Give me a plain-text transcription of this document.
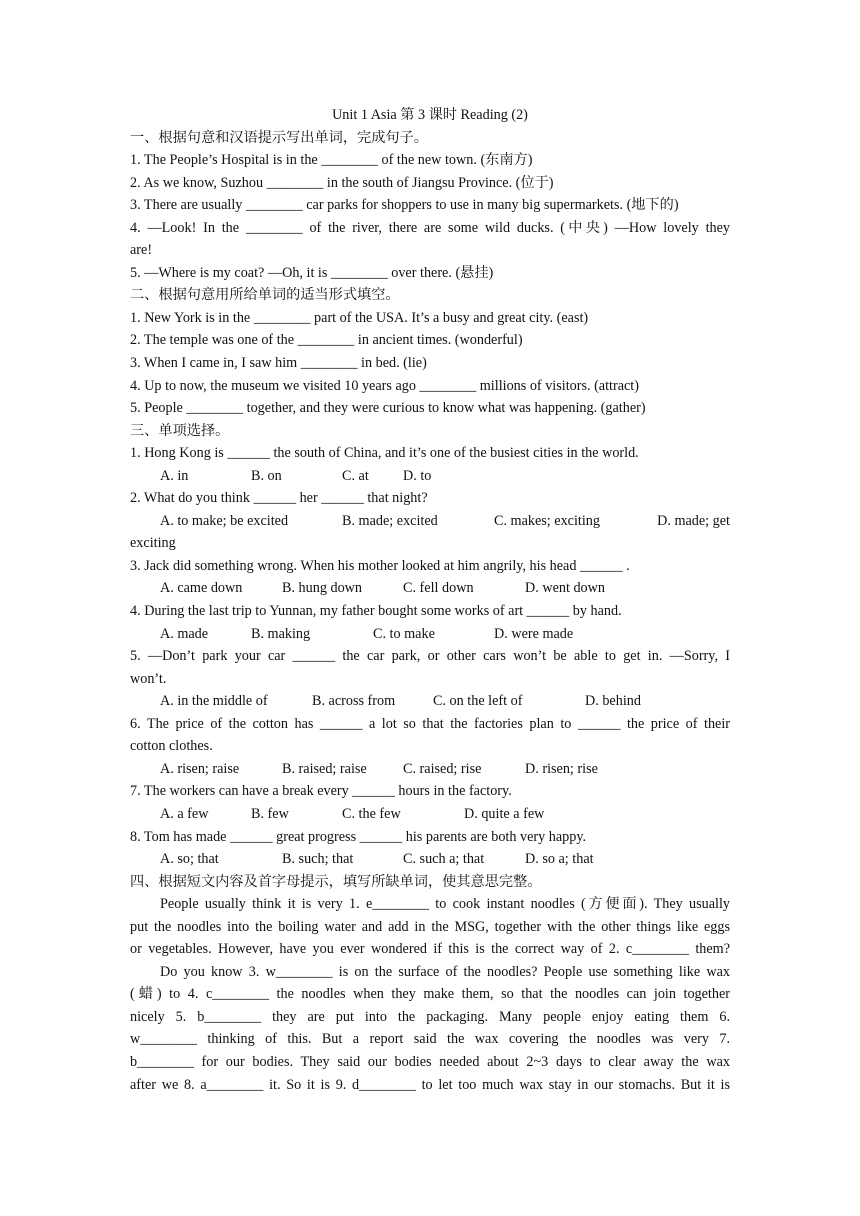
Unit 1 Asia 第 3 课时 Reading (2)
一、根据句意和汉语提示写出单词，完成句子。
1. The People’s Hospital is in the ________ of the new town. (东南方)
2. As we know, Suzhou ________ in the south of Jiangsu Province. (位于)
3. There are usually ________ car parks for shoppers to use in many big supermarkets. (地下的)
4. —Look! In the ________ of the river, there are some wild ducks. (中央) —How lovely they
are!
5. —Where is my coat? —Oh, it is ________ over there. (悬挂)
二、根据句意用所给单词的适当形式填空。
1. New York is in the ________ part of the USA. It’s a busy and great city. (east)
2. The temple was one of the ________ in ancient times. (wonderful)
3. When I came in, I saw him ________ in bed. (lie)
4. Up to now, the museum we visited 10 years ago ________ millions of visitors. (attract)
5. People ________ together, and they were curious to know what was happening. (gather)
三、单项选择。
1. Hong Kong is ______ the south of China, and it’s one of the busiest cities in the world.
A. in	B. on	C. at	D. to
2. What do you think ______ her ______ that night?
A. to make; be excited	B. made; excited	C. makes; exciting	D. made; get
exciting
3. Jack did something wrong. When his mother looked at him angrily, his head ______ .
A. came down	B. hung down	C. fell down	D. went down
4. During the last trip to Yunnan, my father bought some works of art ______ by hand.
A. made	B. making	C. to make	D. were made
5. —Don’t park your car ______ the car park, or other cars won’t be able to get in. —Sorry, I
won’t.
A. in the middle of	B. across from	C. on the left of	D. behind
6. The price of the cotton has ______ a lot so that the factories plan to ______ the price of their
cotton clothes.
A. risen; raise	B. raised; raise	C. raised; rise	D. risen; rise
7. The workers can have a break every ______ hours in the factory.
A. a few	B. few	C. the few	D. quite a few
8. Tom has made ______ great progress ______ his parents are both very happy.
A. so; that	B. such; that	C. such a; that	D. so a; that
四、根据短文内容及首字母提示，填写所缺单词，使其意思完整。
People usually think it is very 1. e________ to cook instant noodles (方便面). They usually
put the noodles into the boiling water and add in the MSG, together with the other things like eggs
or vegetables. However, have you ever wondered if this is the correct way of 2. c________ them?
Do you know 3. w________ is on the surface of the noodles? People use something like wax
(蜡) to 4. c________ the noodles when they make them, so that the noodles can join together
nicely 5. b________ they are put into the packaging. Many people enjoy eating them 6.
w________ thinking of this. But a report said the wax covering the noodles was very 7.
b________ for our bodies. They said our bodies needed about 2~3 days to clear away the wax
after we 8. a________ it. So it is 9. d________ to let too much wax stay in our stomachs. But it is
